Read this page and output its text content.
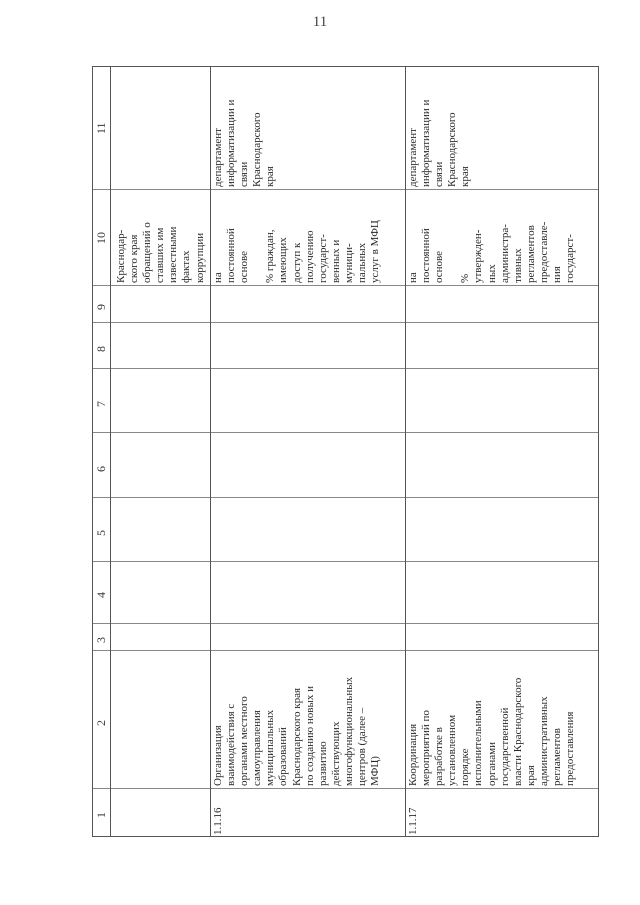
11
11
10
9
8
7
6
5
4
3
2
1
Краснодар-
ского края
обращений о
ставших им
известными
фактах
коррупции
1.1.16
Организация
взаимодействия с
органами местного
самоуправления
муниципальных
образований
Краснодарского края
по созданию новых и
развитию
действующих
многофункциональных
центров (далее –
МФЦ)
на
постоянной
основе

% граждан,
имеющих
доступ к
получению
государст-
венных и
муници-
пальных
услуг в МФЦ
департамент
информатизации и
связи
Краснодарского
края
1.1.17
Координация
мероприятий по
разработке в
установленном
порядке
исполнительными
органами
государственной
власти Краснодарского
края
административных
регламентов
предоставления
на
постоянной
основе

%
утвержден-
ных
администра-
тивных
регламентов
предоставле-
ния
государст-
департамент
информатизации и
связи
Краснодарского
края
